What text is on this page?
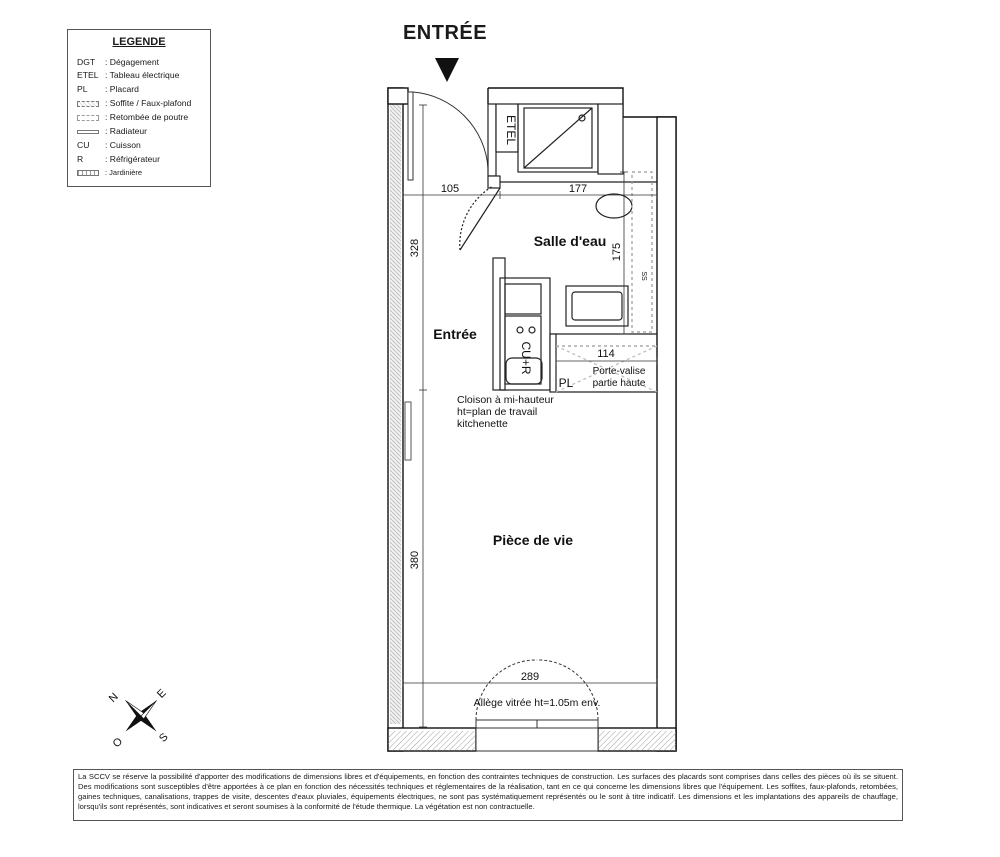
105	177
328	175
114
380
289
ETEL
CU+R
SS
PL
Salle d'eau
Entrée
Pièce de vie
Porte-valise
partie haute
Cloison à mi-hauteur
ht=plan de travail
kitchenette
Allège vitrée ht=1.05m env.
N	E
S
O
ENTRÉE
LEGENDE
DGT : Dégagement
ETEL : Tableau électrique
PL : Placard
: Soffite / Faux-plafond
: Retombée de poutre
: Radiateur
CU : Cuisson
R	: Réfrigérateur
: Jardinière
La SCCV se réserve la possibilité d'apporter des modifications de dimensions libres et d'équipements, en fonction des contraintes techniques de construction. Les surfaces des placards sont comprises dans celles des pièces où ils se situent. Des modifications sont susceptibles d'être apportées à ce plan en fonction des nécessités techniques et réglementaires de la réalisation, tant en ce qui concerne les dimensions libres que l'équipement. Les soffites, faux-plafonds, retombées, gaines techniques, canalisations, trappes de visite, descentes d'eaux pluviales, équipements électriques, ne sont pas systématiquement représentés ou le sont à titre indicatif. Les dimensions et les implantations des appareils de chauffage, lorsqu'ils sont représentés, sont indicatives et seront soumises à la conformité de l'étude thermique. La végétation est non contractuelle.
